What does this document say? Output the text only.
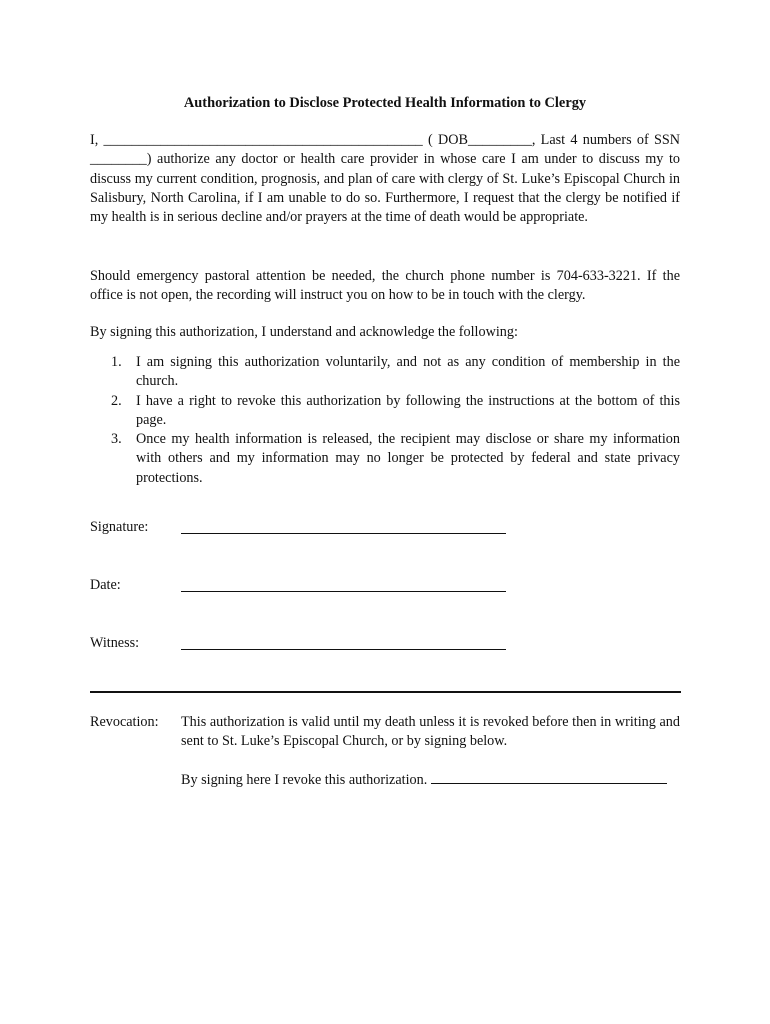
Authorization to Disclose Protected Health Information to Clergy

I, _____________________________________________ ( DOB_________, Last 4 numbers of SSN ________) authorize any doctor or health care provider in whose care I am under to discuss my to discuss my current condition, prognosis, and plan of care with clergy of St. Luke’s Episcopal Church in Salisbury, North Carolina, if I am unable to do so. Furthermore, I request that the clergy be notified if my health is in serious decline and/or prayers at the time of death would be appropriate.

Should emergency pastoral attention be needed, the church phone number is 704-633-3221. If the office is not open, the recording will instruct you on how to be in touch with the clergy.

By signing this authorization, I understand and acknowledge the following:

1. I am signing this authorization voluntarily, and not as any condition of membership in the church.
2. I have a right to revoke this authorization by following the instructions at the bottom of this page.
3. Once my health information is released, the recipient may disclose or share my information with others and my information may no longer be protected by federal and state privacy protections.
Signature:
Date:
Witness:
Revocation: This authorization is valid until my death unless it is revoked before then in writing and sent to St. Luke’s Episcopal Church, or by signing below.

By signing here I revoke this authorization.
